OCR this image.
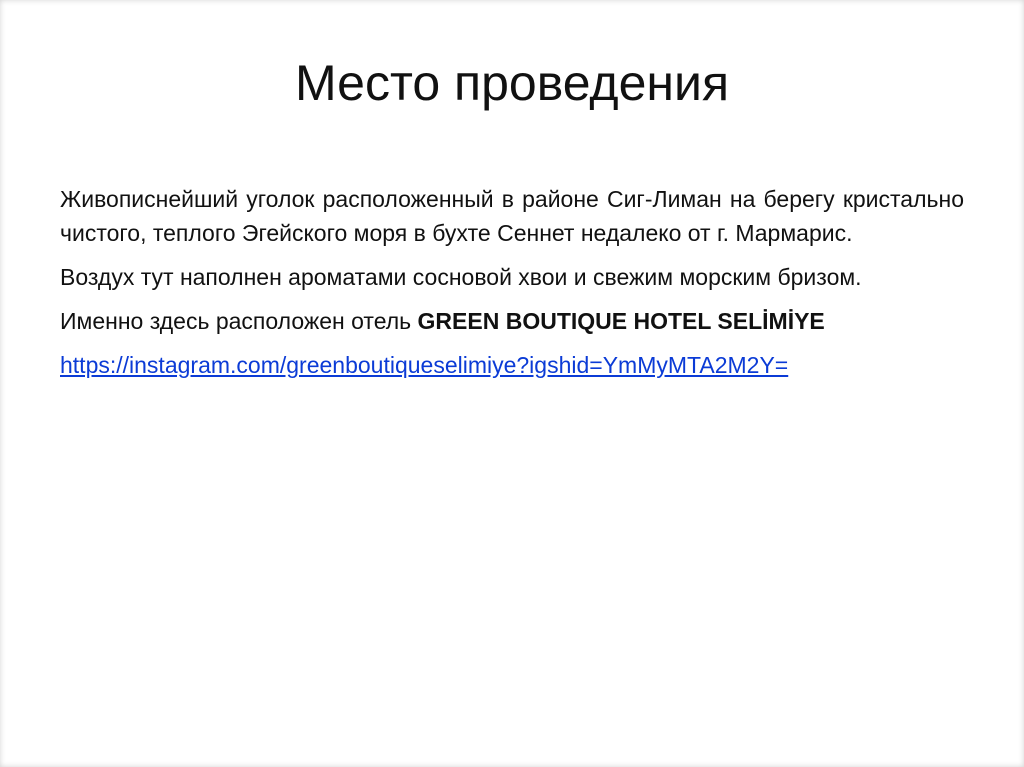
Место проведения

Живописнейший уголок расположенный в районе Сиг-Лиман на берегу кристально чистого, теплого Эгейского моря в бухте Сеннет недалеко от г. Мармарис.

Воздух тут наполнен ароматами сосновой хвои и свежим морским бризом.

Именно здесь расположен отель GREEN BOUTIQUE HOTEL SELİMİYE

https://instagram.com/greenboutiqueselimiye?igshid=YmMyMTA2M2Y=
